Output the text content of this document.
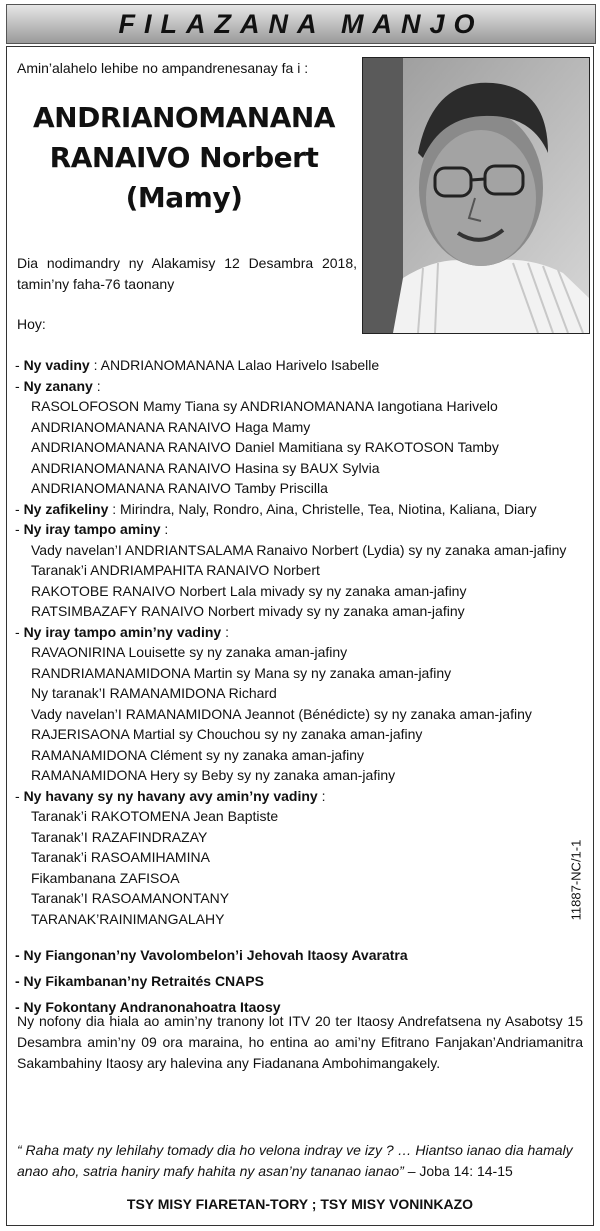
FILAZANA MANJO
Amin’alahelo lehibe no ampandrenesanay fa i :
ANDRIANOMANANA
RANAIVO Norbert
(Mamy)
Dia nodimandry ny Alakamisy 12 Desambra 2018, tamin’ny faha-76 taonany
Hoy:
- Ny vadiny : ANDRIANOMANANA Lalao Harivelo Isabelle
- Ny zanany :
RASOLOFOSON Mamy Tiana sy ANDRIANOMANANA Iangotiana Harivelo
ANDRIANOMANANA RANAIVO Haga Mamy
ANDRIANOMANANA RANAIVO Daniel Mamitiana sy RAKOTOSON Tamby
ANDRIANOMANANA RANAIVO Hasina sy BAUX Sylvia
ANDRIANOMANANA RANAIVO Tamby Priscilla
- Ny zafikeliny : Mirindra, Naly, Rondro, Aina, Christelle, Tea, Niotina, Kaliana, Diary
- Ny iray tampo aminy :
Vady navelan’I ANDRIANTSALAMA Ranaivo Norbert (Lydia) sy ny zanaka aman-jafiny
Taranak’i ANDRIAMPAHITA RANAIVO Norbert
RAKOTOBE RANAIVO Norbert Lala mivady sy ny zanaka aman-jafiny
RATSIMBAZAFY RANAIVO Norbert mivady sy ny zanaka aman-jafiny
- Ny iray tampo amin’ny vadiny :
RAVAONIRINA Louisette sy ny zanaka aman-jafiny
RANDRIAMANAMIDONA Martin sy Mana sy ny zanaka aman-jafiny
Ny taranak’I RAMANAMIDONA Richard
Vady navelan’I RAMANAMIDONA Jeannot (Bénédicte) sy ny zanaka aman-jafiny
RAJERISAONA Martial sy Chouchou sy ny zanaka aman-jafiny
RAMANAMIDONA Clément sy ny zanaka aman-jafiny
RAMANAMIDONA Hery sy Beby sy ny zanaka aman-jafiny
- Ny havany sy ny havany avy amin’ny vadiny :
Taranak’i RAKOTOMENA Jean Baptiste
Taranak’I RAZAFINDRAZAY
Taranak’i RASOAMIHAMINA
Fikambanana ZAFISOA
Taranak’I RASOAMANONTANY
TARANAK’RAINIMANGALAHY
- Ny Fiangonan’ny Vavolombelon’i Jehovah Itaosy Avaratra
- Ny Fikambanan’ny Retraités CNAPS
Ny nofony dia hiala ao amin’ny tranony lot ITV 20 ter Itaosy Andrefatsena ny Asabotsy 15 Desambra amin’ny 09 ora maraina, ho entina ao ami’ny Efitrano Fanjakan’Andriamanitra Sakambahiny Itaosy ary halevina any Fiadanana Ambohimangakely.
“ Raha maty ny lehilahy tomady dia ho velona indray ve izy ? … Hiantso ianao dia hamaly anao aho, satria haniry mafy hahita ny asan’ny tananao ianao” – Joba 14: 14-15
TSY MISY FIARETAN-TORY ; TSY MISY VONINKAZO
11887-NC/1-1
- Ny Fokontany Andranonahoatra Itaosy
